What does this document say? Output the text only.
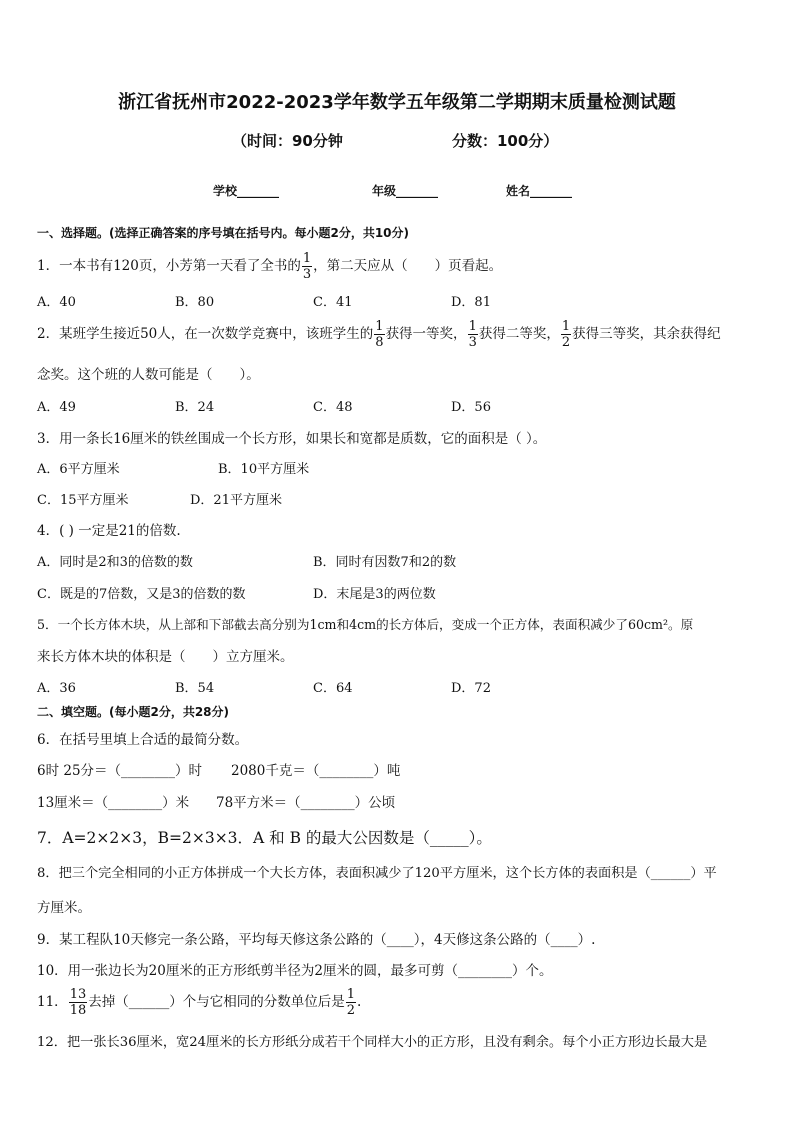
浙江省抚州市2022-2023学年数学五年级第二学期期末质量检测试题
（时间：90分钟	分数：100分）
学校_______	年级_______	姓名_______
一、选择题。(选择正确答案的序号填在括号内。每小题2分，共10分)
1．一本书有120页，小芳第一天看了全书的 $\frac{1}{3}$ ，第二天应从（　　）页看起。
A．40	B．80	C．41	D．81
2．某班学生接近50人，在一次数学竞赛中，该班学生的 $\frac{1}{8}$ 获得一等奖， $\frac{1}{3}$ 获得二等奖， $\frac{1}{2}$ 获得三等奖，其余获得纪
念奖。这个班的人数可能是（　　）。
A．49	B．24	C．48	D．56
3．用一条长16厘米的铁丝围成一个长方形，如果长和宽都是质数，它的面积是（ ）。
A．6平方厘米	B．10平方厘米
C．15平方厘米	D．21平方厘米
4．( ) 一定是21的倍数.
A．同时是2和3的倍数的数	B．同时有因数7和2的数
C．既是的7倍数，又是3的倍数的数	D．末尾是3的两位数
5．一个长方体木块，从上部和下部截去高分别为1cm和4cm的长方体后，变成一个正方体，表面积减少了60cm²。原
来长方体木块的体积是（　　）立方厘米。
A．36	B．54	C．64	D．72
二、填空题。(每小题2分，共28分)
6．在括号里填上合适的最简分数。
6时 25分＝（________）时 2080千克＝（________）吨
13厘米＝（________）米 78平方米＝（________）公顷
7．A=2×2×3，B=2×3×3．A 和 B 的最大公因数是（_____）。
8．把三个完全相同的小正方体拼成一个大长方体，表面积减少了120平方厘米，这个长方体的表面积是（______）平
方厘米。
9．某工程队10天修完一条公路，平均每天修这条公路的（____），4天修这条公路的（____）.
10．用一张边长为20厘米的正方形纸剪半径为2厘米的圆，最多可剪（________）个。
11． $\frac{13}{18}$ 去掉（______）个与它相同的分数单位后是 $\frac{1}{2}$ .
12．把一张长36厘米，宽24厘米的长方形纸分成若干个同样大小的正方形，且没有剩余。每个小正方形边长最大是
